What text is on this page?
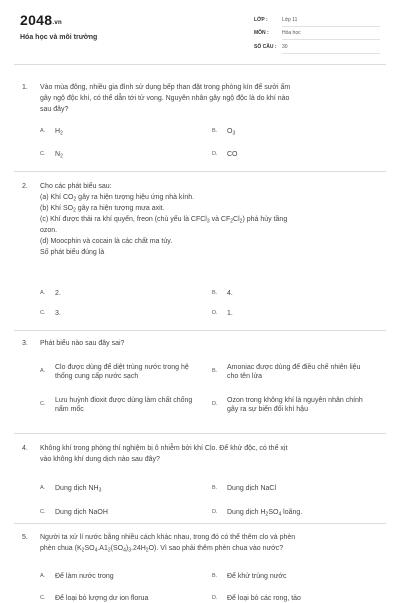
2048.vn
Hóa học và môi trường
LỚP :	Lớp 11
MÔN :	Hóa học
SỐ CÂU : 30
1. Vào mùa đông, nhiều gia đình sử dụng bếp than đặt trong phòng kín để sưởi ấm
gây ngộ độc khí, có thể dẫn tới tử vong. Nguyên nhân gây ngộ độc là do khí nào
sau đây?
A. $H_2$	B. $O_3$
C. $N_2$	D. CO
2. Cho các phát biểu sau:
(a) Khí $CO_2$ gây ra hiện tượng hiệu ứng nhà kính.
(b) Khí $SO_2$ gây ra hiện tượng mưa axit.
(c) Khí được thải ra khí quyển, freon (chủ yếu là CFCl$_3$ và $CF_2Cl_2$) phá hủy tầng
ozon.
(d) Moocphin và cocain là các chất ma túy.
Số phát biểu đúng là
A. 2.	B. 4.
C. 3.	D. 1.
3. Phát biểu nào sau đây sai?
A. Clo được dùng để diệt trùng nước trong hệ thống cung cấp nước sạch
B. Amoniac được dùng để điều chế nhiên liệu cho tên lửa
C. Lưu huỳnh đioxit được dùng làm chất chống nấm mốc
D. Ozon trong không khí là nguyên nhân chính gây ra sự biến đổi khí hậu
4. Không khí trong phòng thí nghiệm bị ô nhiễm bởi khí Clo. Để khử độc, có thể xịt
vào không khí dung dịch nào sau đây?
A. Dung dịch $NH_3$	B. Dung dịch NaCl
C. Dung dịch NaOH	D. Dung dịch $H_2SO_4$ loãng.
5. Người ta xử lí nước bằng nhiều cách khác nhau, trong đó có thể thêm clo và phèn
phèn chua $(K_2SO_4.A1_2(SO_4)_3.24H_2O)$. Vì sao phải thêm phèn chua vào nước?
A. Để làm nước trong	B. Để khử trùng nước
C. Để loại bỏ lượng dư ion florua	D. Để loại bỏ các rong, tảo
